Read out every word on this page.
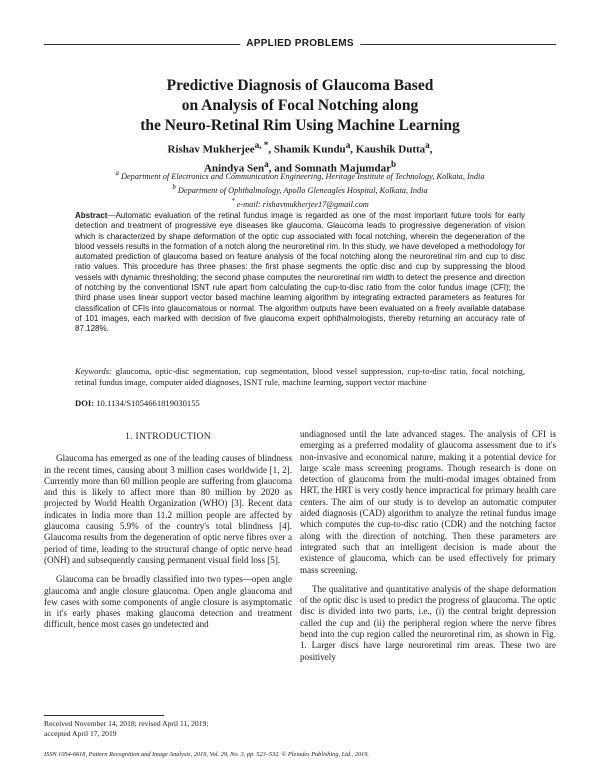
APPLIED PROBLEMS
Predictive Diagnosis of Glaucoma Based
on Analysis of Focal Notching along
the Neuro-Retinal Rim Using Machine Learning
Rishav Mukherjee$^{a, *}$, Shamik Kundu$^a$, Kaushik Dutta$^a$,
Anindya Sen$^a$, and Somnath Majumdar$^b$
$^a$ Department of Electronics and Communication Engineering, Heritage Institute of Technology, Kolkata, India
$^b$ Department of Ophthalmology, Apollo Gleneagles Hospital, Kolkata, India
* e-mail: rishavmukherjee17@gmail.com
Abstract—Automatic evaluation of the retinal fundus image is regarded as one of the most important future tools for early detection and treatment of progressive eye diseases like glaucoma. Glaucoma leads to progressive degeneration of vision which is characterized by shape deformation of the optic cup associated with focal notching, wherein the degeneration of the blood vessels results in the formation of a notch along the neuroretinal rim. In this study, we have developed a methodology for automated prediction of glaucoma based on feature analysis of the focal notching along the neuroretinal rim and cup to disc ratio values. This procedure has three phases: the first phase segments the optic disc and cup by suppressing the blood vessels with dynamic thresholding; the second phase computes the neuroretinal rim width to detect the presence and direction of notching by the conventional ISNT rule apart from calculating the cup-to-disc ratio from the color fundus image (CFI); the third phase uses linear support vector based machine learning algorithm by integrating extracted parameters as features for classification of CFIs into glaucomatous or normal. The algorithm outputs have been evaluated on a freely available database of 101 images, each marked with decision of five glaucoma expert ophthalmologists, thereby returning an accuracy rate of 87.128%.
Keywords: glaucoma, optic-disc segmentation, cup segmentation, blood vessel suppression, cup-to-disc ratio, focal notching, retinal fundus image, computer aided diagnoses, ISNT rule, machine learning, support vector machine
DOI: 10.1134/S1054661819030155
1. INTRODUCTION

Glaucoma has emerged as one of the leading causes of blindness in the recent times, causing about 3 million cases worldwide [1, 2]. Currently more than 60 million people are suffering from glaucoma and this is likely to affect more than 80 million by 2020 as projected by World Health Organization (WHO) [3]. Recent data indicates in India more than 11.2 million people are affected by glaucoma causing 5.9% of the country's total blindness [4]. Glaucoma results from the degeneration of optic nerve fibres over a period of time, leading to the structural change of optic nerve head (ONH) and subsequently causing permanent visual field loss [5].

Glaucoma can be broadly classified into two types—open angle glaucoma and angle closure glaucoma. Open angle glaucoma and few cases with some components of angle closure is asymptomatic in it's early phases making glaucoma detection and treatment difficult, hence most cases go undetected and

undiagnosed until the late advanced stages. The analysis of CFI is emerging as a preferred modality of glaucoma assessment due to it's non-invasive and economical nature, making it a potential device for large scale mass screening programs. Though research is done on detection of glaucoma from the multi-modal images obtained from HRT, the HRT is very costly hence impractical for primary health care centers. The aim of our study is to develop an automatic computer aided diagnosis (CAD) algorithm to analyze the retinal fundus image which computes the cup-to-disc ratio (CDR) and the notching factor along with the direction of notching. Then these parameters are integrated such that an intelligent decision is made about the existence of glaucoma, which can be used effectively for primary mass screening.

The qualitative and quantitative analysis of the shape deformation of the optic disc is used to predict the progress of glaucoma. The optic disc is divided into two parts, i.e., (i) the central bright depression called the cup and (ii) the peripheral region where the nerve fibres bend into the cup region called the neuroretinal rim, as shown in Fig. 1. Larger discs have large neuroretinal rim areas. These two are positively

Received November 14, 2018; revised April 11, 2019;
accepted April 17, 2019
ISSN 1054-6618, Pattern Recognition and Image Analysis, 2019, Vol. 29, No. 3, pp. 523–532. © Pleiades Publishing, Ltd., 2019.
